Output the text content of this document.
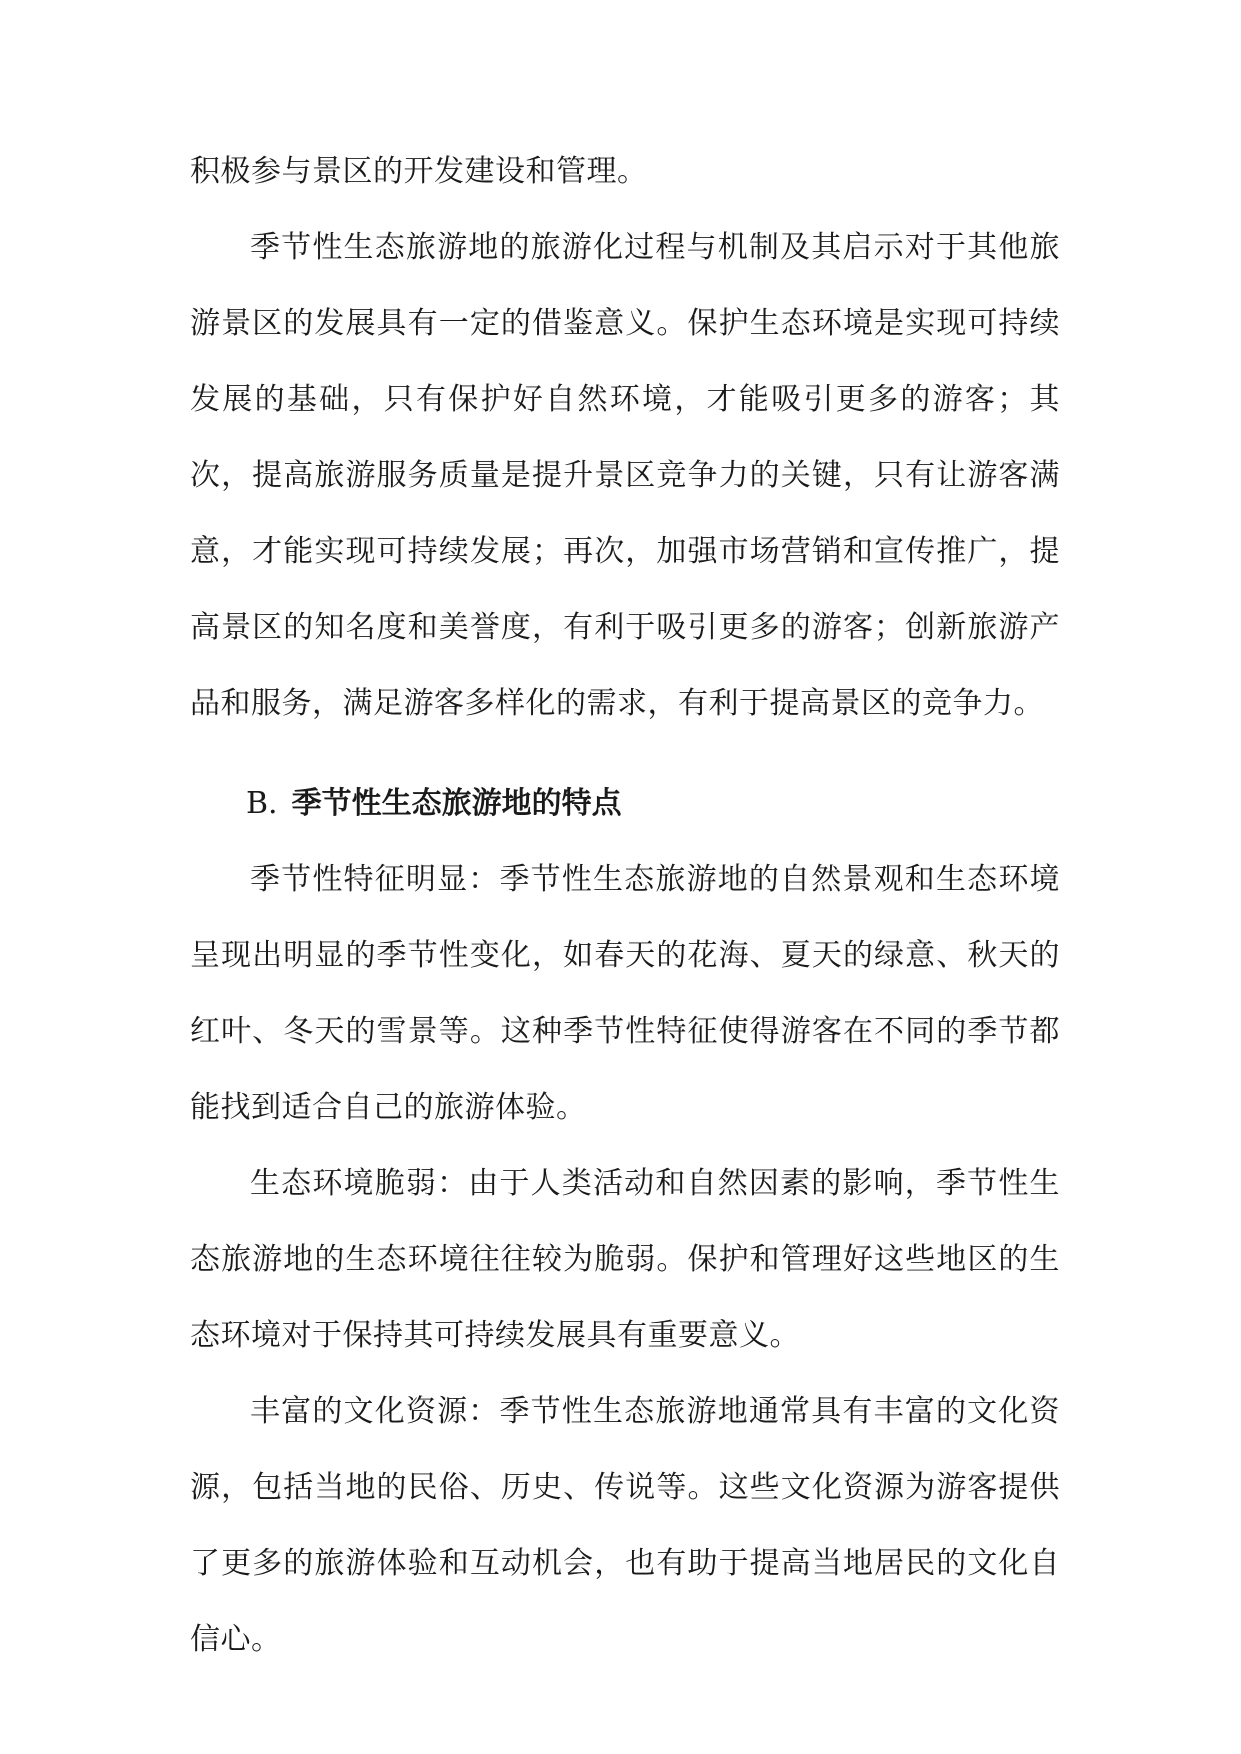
积极参与景区的开发建设和管理。

季节性生态旅游地的旅游化过程与机制及其启示对于其他旅游景区的发展具有一定的借鉴意义。保护生态环境是实现可持续发展的基础，只有保护好自然环境，才能吸引更多的游客；其次，提高旅游服务质量是提升景区竞争力的关键，只有让游客满意，才能实现可持续发展；再次，加强市场营销和宣传推广，提高景区的知名度和美誉度，有利于吸引更多的游客；创新旅游产品和服务，满足游客多样化的需求，有利于提高景区的竞争力。

B. 季节性生态旅游地的特点

季节性特征明显：季节性生态旅游地的自然景观和生态环境呈现出明显的季节性变化，如春天的花海、夏天的绿意、秋天的红叶、冬天的雪景等。这种季节性特征使得游客在不同的季节都能找到适合自己的旅游体验。

生态环境脆弱：由于人类活动和自然因素的影响，季节性生态旅游地的生态环境往往较为脆弱。保护和管理好这些地区的生态环境对于保持其可持续发展具有重要意义。

丰富的文化资源：季节性生态旅游地通常具有丰富的文化资源，包括当地的民俗、历史、传说等。这些文化资源为游客提供了更多的旅游体验和互动机会，也有助于提高当地居民的文化自信心。
